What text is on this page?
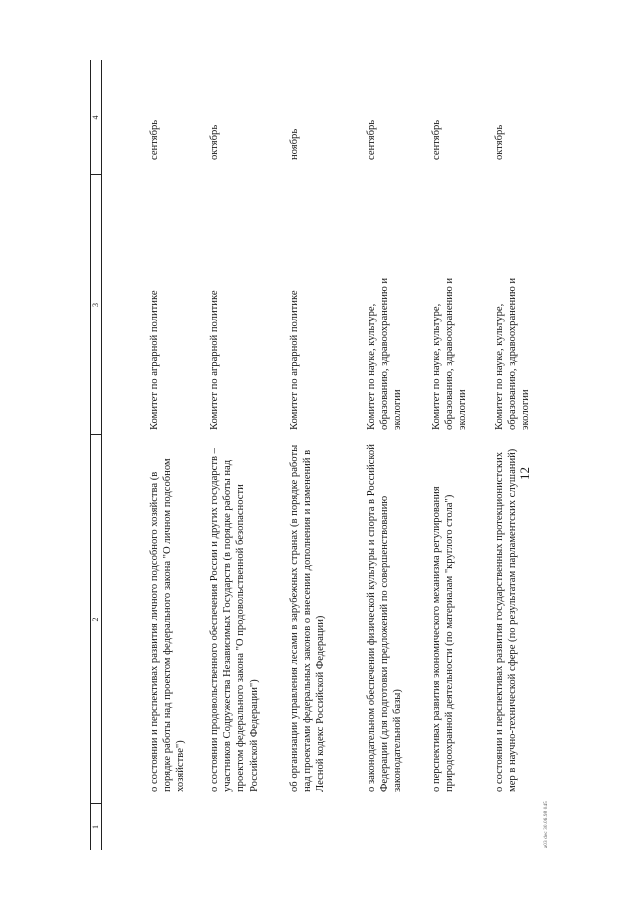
12
1
2
3
4
о состоянии и перспективах развития личного подсобного хозяйства (в порядке работы над проектом федерального закона "О личном подсобном хозяйстве")
Комитет по аграрной политике
сентябрь
о состоянии продовольственного обеспечения России и других государств – участников Содружества Независимых Государств (в порядке работы над проектом федерального закона "О продовольственной безопасности Российской Федерации")
Комитет по аграрной политике
октябрь
об организации управления лесами в зарубежных странах (в порядке работы над проектами федеральных законов о внесении дополнения и изменений в Лесной кодекс Российской Федерации)
Комитет по аграрной политике
ноябрь
о законодательном обеспечении физической культуры и спорта в Российской Федерации (для подготовки предложений по совершенствованию законодательной базы)
Комитет по науке, культуре, образованию, здравоохранению и экологии
сентябрь
о перспективах развития экономического механизма регулирования природоохранной деятельности (по материалам "круглого стола")
Комитет по науке, культуре, образованию, здравоохранению и экологии
сентябрь
о состоянии и перспективах развития государственных протекционистских мер в научно-технической сфере (по результатам парламентских слушаний)
Комитет по науке, культуре, образованию, здравоохранению и экологии
октябрь
a03 dec 30.06.98 045
